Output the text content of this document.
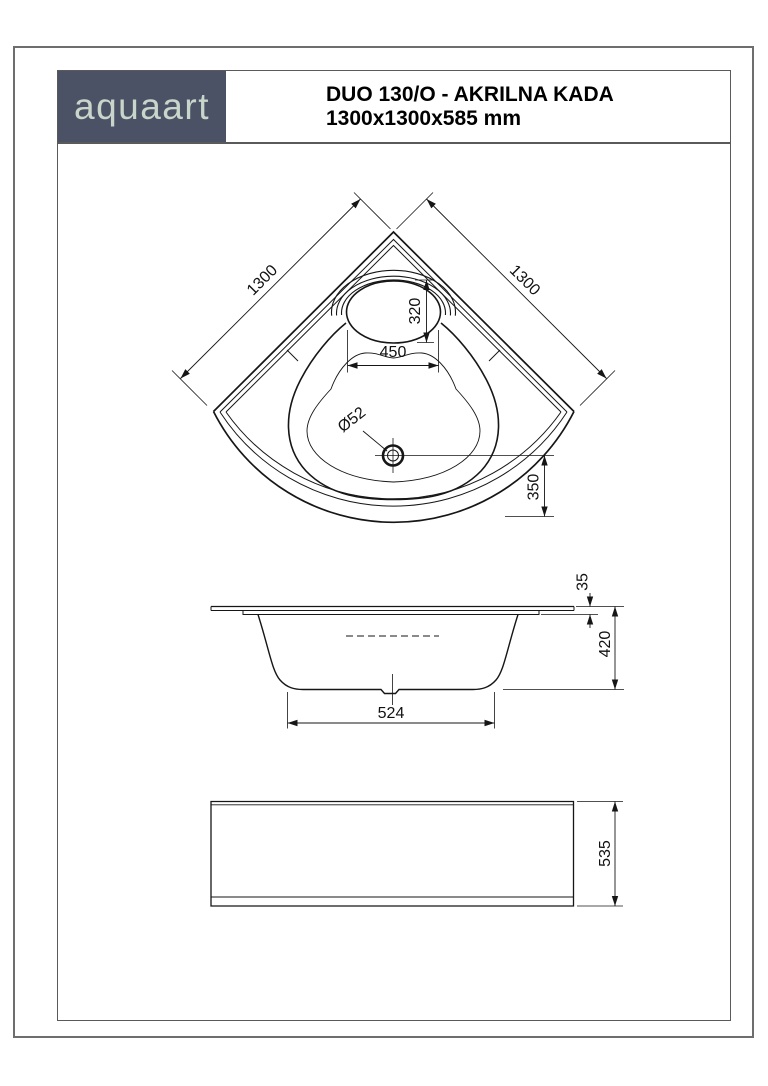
aquaart	DUO 130/O - AKRILNA KADA
1300x1300x585 mm
1300	1300
320
450
350
Ø52
35
420
524
535
